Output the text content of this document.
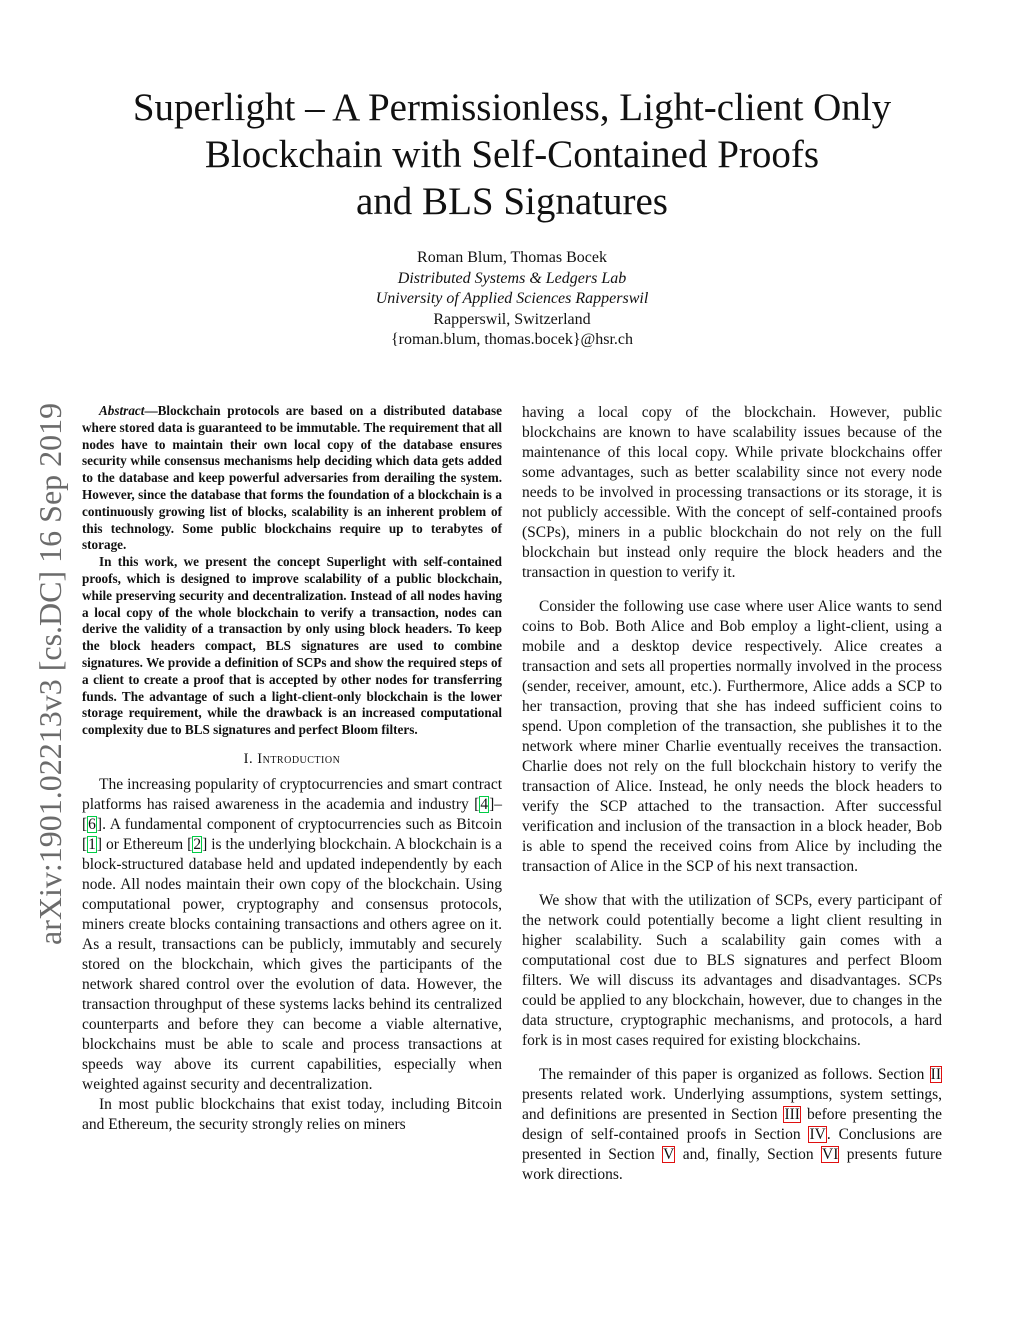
Superlight – A Permissionless, Light-client Only
Blockchain with Self-Contained Proofs
and BLS Signatures
Roman Blum, Thomas Bocek
Distributed Systems & Ledgers Lab
University of Applied Sciences Rapperswil
Rapperswil, Switzerland
{roman.blum, thomas.bocek}@hsr.ch
arXiv:1901.02213v3 [cs.DC] 16 Sep 2019	Abstract—Blockchain protocols are based on a distributed database where stored data is guaranteed to be immutable. The requirement that all nodes have to maintain their own local copy of the database ensures security while consensus mechanisms help deciding which data gets added to the database and keep powerful adversaries from derailing the system. However, since the database that forms the foundation of a blockchain is a continuously growing list of blocks, scalability is an inherent problem of this technology. Some public blockchains require up to terabytes of storage.

In this work, we present the concept Superlight with self-contained proofs, which is designed to improve scalability of a public blockchain, while preserving security and decentralization. Instead of all nodes having a local copy of the whole blockchain to verify a transaction, nodes can derive the validity of a transaction by only using block headers. To keep the block headers compact, BLS signatures are used to combine signatures. We provide a definition of SCPs and show the required steps of a client to create a proof that is accepted by other nodes for transferring funds. The advantage of such a light-client-only blockchain is the lower storage requirement, while the drawback is an increased computational complexity due to BLS signatures and perfect Bloom filters.

I. Introduction

The increasing popularity of cryptocurrencies and smart contract platforms has raised awareness in the academia and industry [4]–[6]. A fundamental component of cryptocurrencies such as Bitcoin [1] or Ethereum [2] is the underlying blockchain. A blockchain is a block-structured database held and updated independently by each node. All nodes maintain their own copy of the blockchain. Using computational power, cryptography and consensus protocols, miners create blocks containing transactions and others agree on it. As a result, transactions can be publicly, immutably and securely stored on the blockchain, which gives the participants of the network shared control over the evolution of data. However, the transaction throughput of these systems lacks behind its centralized counterparts and before they can become a viable alternative, blockchains must be able to scale and process transactions at speeds way above its current capabilities, especially when weighted against security and decentralization.

In most public blockchains that exist today, including Bitcoin and Ethereum, the security strongly relies on miners

having a local copy of the blockchain. However, public blockchains are known to have scalability issues because of the maintenance of this local copy. While private blockchains offer some advantages, such as better scalability since not every node needs to be involved in processing transactions or its storage, it is not publicly accessible. With the concept of self-contained proofs (SCPs), miners in a public blockchain do not rely on the full blockchain but instead only require the block headers and the transaction in question to verify it.

Consider the following use case where user Alice wants to send coins to Bob. Both Alice and Bob employ a light-client, using a mobile and a desktop device respectively. Alice creates a transaction and sets all properties normally involved in the process (sender, receiver, amount, etc.). Furthermore, Alice adds a SCP to her transaction, proving that she has indeed sufficient coins to spend. Upon completion of the transaction, she publishes it to the network where miner Charlie eventually receives the transaction. Charlie does not rely on the full blockchain history to verify the transaction of Alice. Instead, he only needs the block headers to verify the SCP attached to the transaction. After successful verification and inclusion of the transaction in a block header, Bob is able to spend the received coins from Alice by including the transaction of Alice in the SCP of his next transaction.

We show that with the utilization of SCPs, every participant of the network could potentially become a light client resulting in higher scalability. Such a scalability gain comes with a computational cost due to BLS signatures and perfect Bloom filters. We will discuss its advantages and disadvantages. SCPs could be applied to any blockchain, however, due to changes in the data structure, cryptographic mechanisms, and protocols, a hard fork is in most cases required for existing blockchains.

The remainder of this paper is organized as follows. Section II presents related work. Underlying assumptions, system settings, and definitions are presented in Section III before presenting the design of self-contained proofs in Section IV. Conclusions are presented in Section V and, finally, Section VI presents future work directions.
